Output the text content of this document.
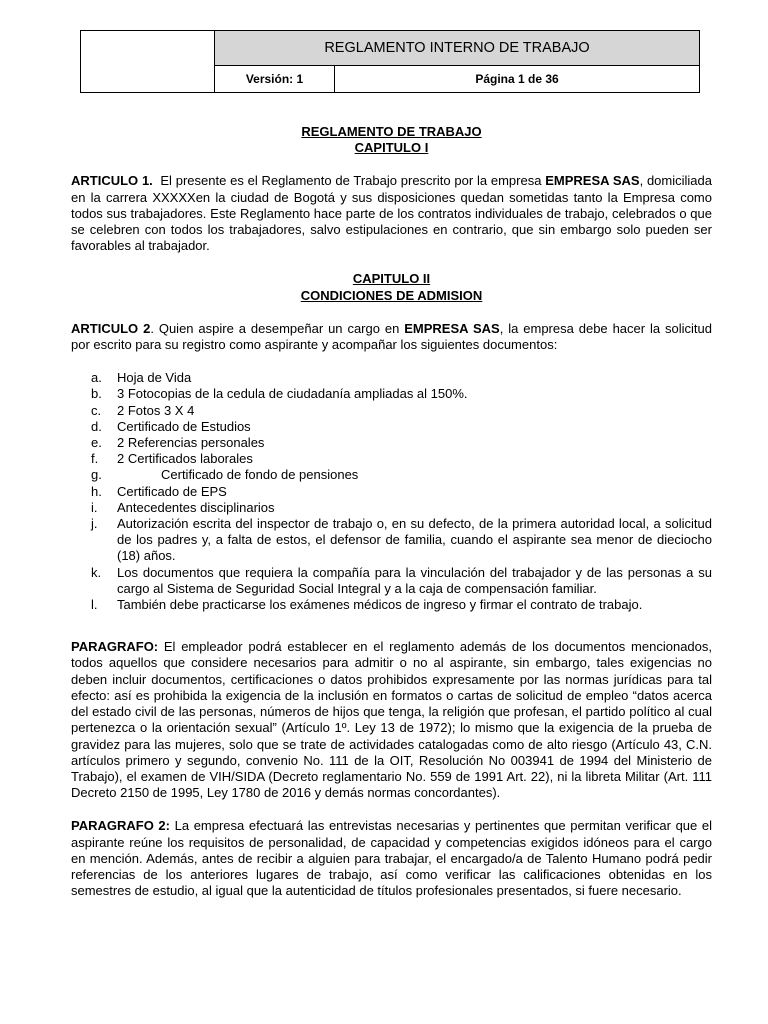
REGLAMENTO INTERNO DE TRABAJO
Versión: 1	Página 1 de 36

REGLAMENTO DE TRABAJO

CAPITULO I

ARTICULO 1. El presente es el Reglamento de Trabajo prescrito por la empresa EMPRESA SAS, domiciliada en la carrera XXXXXen la ciudad de Bogotá y sus disposiciones quedan sometidas tanto la Empresa como todos sus trabajadores. Este Reglamento hace parte de los contratos individuales de trabajo, celebrados o que se celebren con todos los trabajadores, salvo estipulaciones en contrario, que sin embargo solo pueden ser favorables al trabajador.

CAPITULO II

CONDICIONES DE ADMISION

ARTICULO 2. Quien aspire a desempeñar un cargo en EMPRESA SAS, la empresa debe hacer la solicitud por escrito para su registro como aspirante y acompañar los siguientes documentos:

a. Hoja de Vida
b. 3 Fotocopias de la cedula de ciudadanía ampliadas al 150%.
c. 2 Fotos 3 X 4
d. Certificado de Estudios
e. 2 Referencias personales
f. 2 Certificados laborales
g.	Certificado de fondo de pensiones
h. Certificado de EPS
i. Antecedentes disciplinarios
j. Autorización escrita del inspector de trabajo o, en su defecto, de la primera autoridad local, a solicitud de los padres y, a falta de estos, el defensor de familia, cuando el aspirante sea menor de dieciocho (18) años.
k. Los documentos que requiera la compañía para la vinculación del trabajador y de las personas a su cargo al Sistema de Seguridad Social Integral y a la caja de compensación familiar.
l. También debe practicarse los exámenes médicos de ingreso y firmar el contrato de trabajo.

PARAGRAFO: El empleador podrá establecer en el reglamento además de los documentos mencionados, todos aquellos que considere necesarios para admitir o no al aspirante, sin embargo, tales exigencias no deben incluir documentos, certificaciones o datos prohibidos expresamente por las normas jurídicas para tal efecto: así es prohibida la exigencia de la inclusión en formatos o cartas de solicitud de empleo “datos acerca del estado civil de las personas, números de hijos que tenga, la religión que profesan, el partido político al cual pertenezca o la orientación sexual” (Artículo 1º. Ley 13 de 1972); lo mismo que la exigencia de la prueba de gravidez para las mujeres, solo que se trate de actividades catalogadas como de alto riesgo (Artículo 43, C.N. artículos primero y segundo, convenio No. 111 de la OIT, Resolución No 003941 de 1994 del Ministerio de Trabajo), el examen de VIH/SIDA (Decreto reglamentario No. 559 de 1991 Art. 22), ni la libreta Militar (Art. 111 Decreto 2150 de 1995, Ley 1780 de 2016 y demás normas concordantes).

PARAGRAFO 2: La empresa efectuará las entrevistas necesarias y pertinentes que permitan verificar que el aspirante reúne los requisitos de personalidad, de capacidad y competencias exigidos idóneos para el cargo en mención. Además, antes de recibir a alguien para trabajar, el encargado/a de Talento Humano podrá pedir referencias de los anteriores lugares de trabajo, así como verificar las calificaciones obtenidas en los semestres de estudio, al igual que la autenticidad de títulos profesionales presentados, si fuere necesario.
